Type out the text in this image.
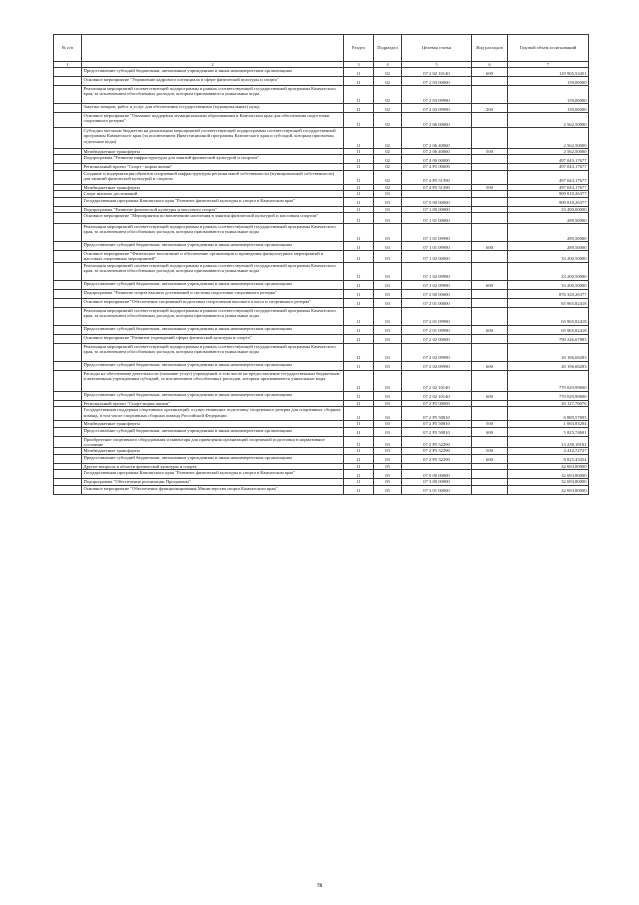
№ п/п		Раздел	Подраздел	Целевая статья	Вид расходов	Годовой объем ассигнований
1	2	3	4	5	6	7
	Предоставление субсидий бюджетным, автономным учреждениям и иным некоммерческим организациям	11	02	07 2 02 10140	600	129 905,53451
	Основное мероприятие "Управление кадрового потенциала в сфере физической культуры и спорта"	11	02	07 2 03 00000		159,00000
	Реализация мероприятий соответствующей подпрограммы в рамках соответствующей государственной программы Камчатского края, за исключением обособленных расходов, которым присваиваются уникальные коды	11	02	07 2 03 09990		159,00000
	Закупка товаров, работ и услуг для обеспечения государственных (муниципальных) нужд	11	02	07 2 03 09990	200	159,00000
	Основное мероприятие "Оказание поддержки муниципальным образованиям в Камчатском крае для обеспечения подготовки спортивного резерва"	11	02	07 2 06 00000		2 562,50000
	Субсидии местным бюджетам на реализацию мероприятий соответствующей подпрограммы соответствующей государственной программы Камчатского края (за исключением Инвестиционной программы Камчатского края и субсидий, которым присвоены отдельные коды)	11	02	07 2 06 40060		2 562,50000
	Межбюджетные трансферты	11	02	07 2 06 40060	500	2 562,50000
	Подпрограмма "Развитие инфраструктуры для занятий физической культурой и спортом"	11	02	07 4 00 00000		497 043,17677
	Региональный проект "Спорт - норма жизни"	11	02	07 4 P5 00000		497 043,17677
	Создание и модернизация объектов спортивной инфраструктуры региональной собственности (муниципальной собственности) для занятий физической культурой и спортом	11	02	07 4 P5 51390		497 043,17677
	Межбюджетные трансферты	11	02	07 4 P5 51390	500	497 043,17677
	Спорт высших достижений	11	03			909 810,26377
	Государственная программа Камчатского края "Развитие физической культуры и спорта в Камчатском крае"	11	03	07 0 00 00000		909 810,26377
	Подпрограмма "Развитие физической культуры и массового спорта"	11	03	07 1 00 00000		33 490,00000
	Основное мероприятие "Мероприятия по вовлечению населения в занятия физической культурой и массовым спортом"	11	03	07 1 01 00000		289,50000
	Реализация мероприятий соответствующей подпрограммы в рамках соответствующей государственной программы Камчатского края, за исключением обособленных расходов, которым присваиваются уникальные коды	11	03	07 1 01 09990		289,50000
	Предоставление субсидий бюджетным, автономным учреждениям и иным некоммерческим организациям	11	03	07 1 01 09990	600	289,50000
	Основное мероприятие "Физическое воспитание и обеспечение организации и проведения физкультурных мероприятий и массовых спортивных мероприятий"	11	03	07 1 02 00000		33 200,50000
	Реализация мероприятий соответствующей подпрограммы в рамках соответствующей государственной программы Камчатского края, за исключением обособленных расходов, которым присваиваются уникальные коды	11	03	07 1 02 09990		33 200,50000
	Предоставление субсидий бюджетным, автономным учреждениям и иным некоммерческим организациям	11	03	07 1 02 09990	600	33 200,50000
	Подпрограмма "Развитие спорта высших достижений и системы подготовки спортивного резерва"	11	03	07 2 00 00000		876 320,26377
	Основное мероприятие "Обеспечение спортивной подготовки спортсменов высокого класса и спортивного резерва"	11	03	07 2 01 00000		65 965,82418
	Реализация мероприятий соответствующей подпрограммы в рамках соответствующей государственной программы Камчатского края, за исключением обособленных расходов, которым присваиваются уникальные коды	11	03	07 2 01 09990		65 965,82418
	Предоставление субсидий бюджетным, автономным учреждениям и иным некоммерческим организациям	11	03	07 2 01 09990	600	65 965,82418
	Основное мероприятие "Развитие учреждений сферы физической культуры и спорта"	11	03	07 2 02 00000		790 226,67883
	Реализация мероприятий соответствующей подпрограммы в рамках соответствующей государственной программы Камчатского края, за исключением обособленных расходов, которым присваиваются уникальные коды	11	03	07 2 02 09990		20 196,68283
	Предоставление субсидий бюджетным, автономным учреждениям и иным некоммерческим организациям	11	03	07 2 02 09990	600	20 196,68283
	Расходы на обеспечение деятельности (оказание услуг) учреждений, в том числе на предоставление государственным бюджетным и автономным учреждениям субсидий, за исключением обособленных расходов, которым присваиваются уникальные коды	11	03	07 2 02 10140		770 029,99600
	Предоставление субсидий бюджетным, автономным учреждениям и иным некоммерческим организациям	11	03	07 2 02 10140	600	770 029,99600
	Региональный проект "Спорт-норма жизни"	11	03	07 2 P5 00000		20 127,76076
	Государственная поддержка спортивных организаций, осуществляющих подготовку спортивного резерва для спортивных сборных команд, в том числе спортивных сборных команд Российской Федерации	11	03	07 2 P5 50810		6 889,57895
	Межбюджетные трансферты	11	03	07 2 P5 50810	500	1 063,83204
	Предоставление субсидий бюджетным, автономным учреждениям и иным некоммерческим организациям	11	03	07 2 P5 50810	600	5 825,74691
	Приобретение спортивного оборудования и инвентаря для приведения организаций спортивной подготовки в нормативное состояние	11	03	07 2 P5 52290		13 238,18181
	Межбюджетные трансферты	11	03	07 2 P5 52290	500	4 412,72727
	Предоставление субсидий бюджетным, автономным учреждениям и иным некоммерческим организациям	11	03	07 2 P5 52290	600	8 825,45454
	Другие вопросы в области физической культуры и спорта	11	05			32 693,80000
	Государственная программа Камчатского края "Развитие физической культуры и спорта в Камчатском крае"	11	05	07 0 00 00000		32 693,80000
	Подпрограмма "Обеспечение реализации Программы"	11	05	07 3 00 00000		32 693,80000
	Основное мероприятие "Обеспечение функционирования Министерства спорта Камчатского края"	11	05	07 3 01 00000		32 693,80000
78
